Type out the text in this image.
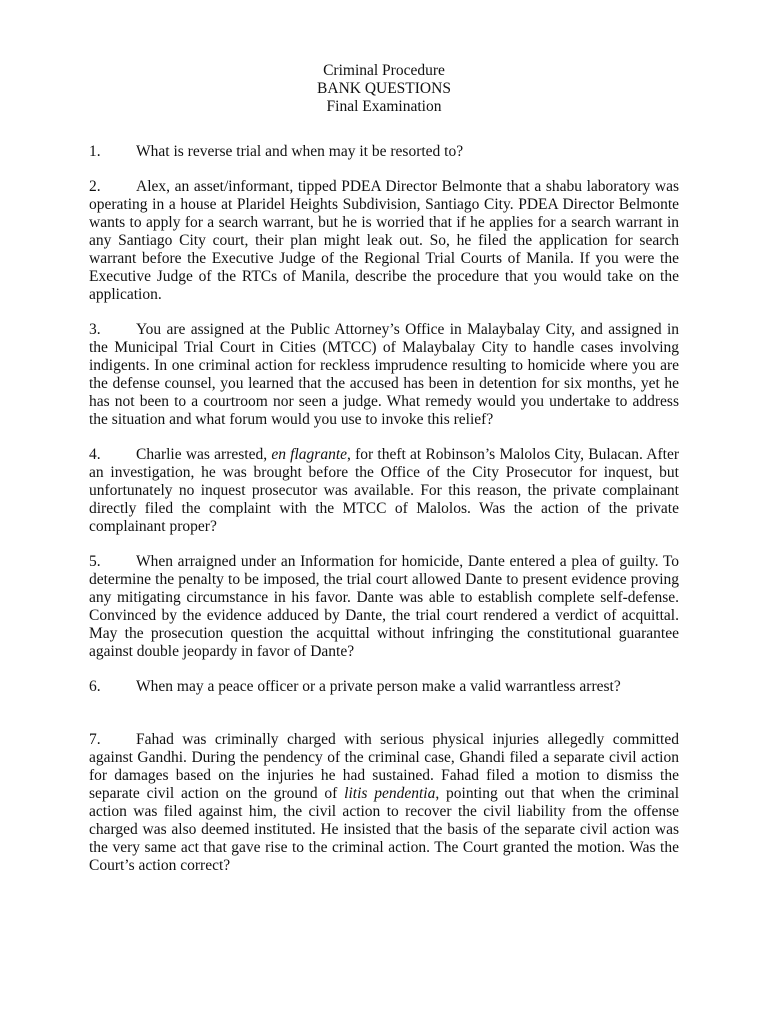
Criminal Procedure
BANK QUESTIONS
Final Examination

1. What is reverse trial and when may it be resorted to?

2. Alex, an asset/informant, tipped PDEA Director Belmonte that a shabu laboratory was operating in a house at Plaridel Heights Subdivision, Santiago City. PDEA Director Belmonte wants to apply for a search warrant, but he is worried that if he applies for a search warrant in any Santiago City court, their plan might leak out. So, he filed the application for search warrant before the Executive Judge of the Regional Trial Courts of Manila. If you were the Executive Judge of the RTCs of Manila, describe the procedure that you would take on the application.

3. You are assigned at the Public Attorney’s Office in Malaybalay City, and assigned in the Municipal Trial Court in Cities (MTCC) of Malaybalay City to handle cases involving indigents. In one criminal action for reckless imprudence resulting to homicide where you are the defense counsel, you learned that the accused has been in detention for six months, yet he has not been to a courtroom nor seen a judge. What remedy would you undertake to address the situation and what forum would you use to invoke this relief?

4. Charlie was arrested, en flagrante, for theft at Robinson’s Malolos City, Bulacan. After an investigation, he was brought before the Office of the City Prosecutor for inquest, but unfortunately no inquest prosecutor was available. For this reason, the private complainant directly filed the complaint with the MTCC of Malolos. Was the action of the private complainant proper?

5. When arraigned under an Information for homicide, Dante entered a plea of guilty. To determine the penalty to be imposed, the trial court allowed Dante to present evidence proving any mitigating circumstance in his favor. Dante was able to establish complete self-defense. Convinced by the evidence adduced by Dante, the trial court rendered a verdict of acquittal. May the prosecution question the acquittal without infringing the constitutional guarantee against double jeopardy in favor of Dante?

6. When may a peace officer or a private person make a valid warrantless arrest?

7. Fahad was criminally charged with serious physical injuries allegedly committed against Gandhi. During the pendency of the criminal case, Ghandi filed a separate civil action for damages based on the injuries he had sustained. Fahad filed a motion to dismiss the separate civil action on the ground of litis pendentia, pointing out that when the criminal action was filed against him, the civil action to recover the civil liability from the offense charged was also deemed instituted. He insisted that the basis of the separate civil action was the very same act that gave rise to the criminal action. The Court granted the motion. Was the Court’s action correct?
